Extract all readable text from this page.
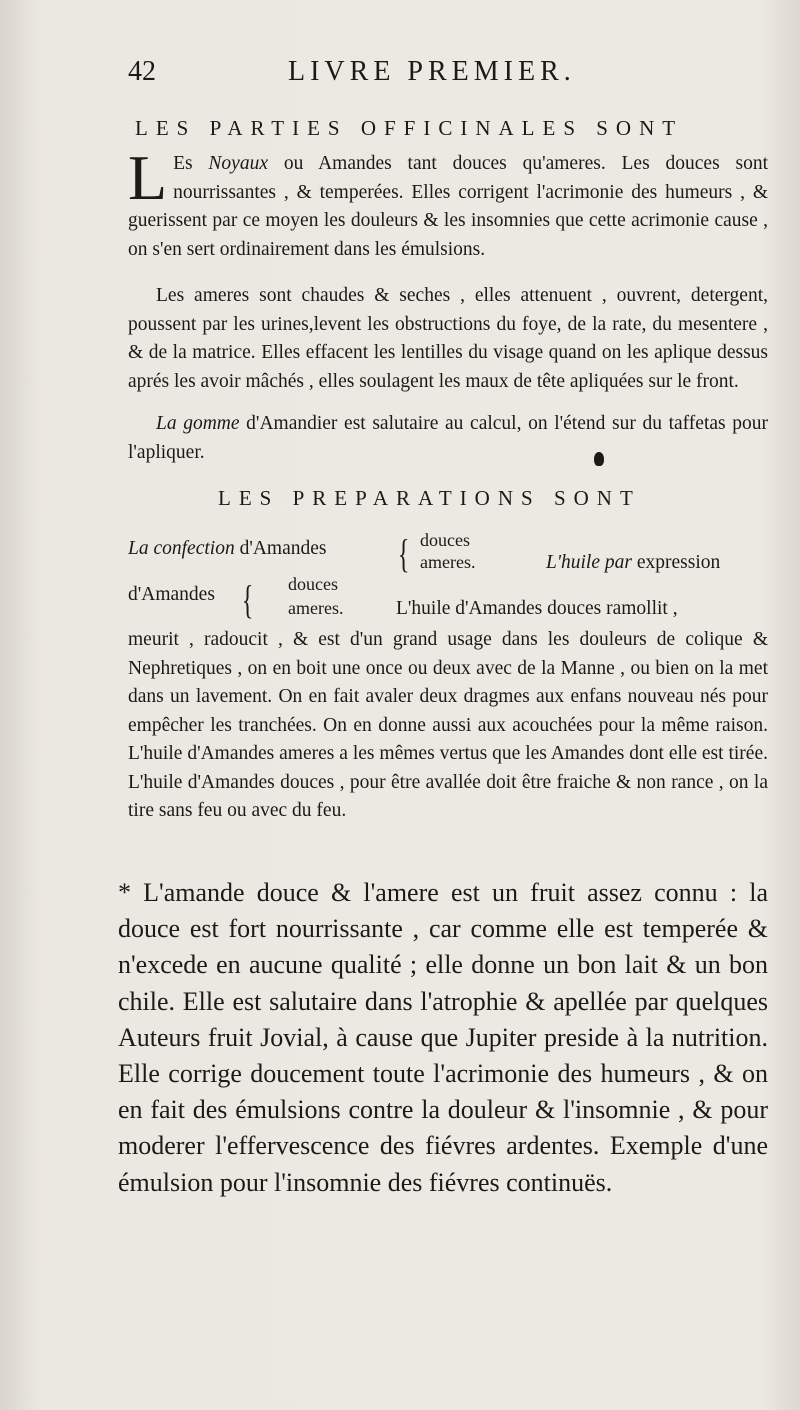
42	LIVRE PREMIER.
LES PARTIES OFFICINALES SONT

L Es Noyaux ou Amandes tant douces qu'ameres. Les douces sont nourrissantes , & temperées. Elles corrigent l'acrimonie des humeurs , & guerissent par ce moyen les douleurs & les insomnies que cette acrimonie cause , on s'en sert ordinairement dans les émulsions.

Les ameres sont chaudes & seches , elles attenuent , ouvrent, detergent, poussent par les urines,levent les obstructions du foye, de la rate, du mesentere , & de la matrice. Elles effacent les lentilles du visage quand on les aplique dessus aprés les avoir mâchés , elles soulagent les maux de tête apliquées sur le front.

La gomme d'Amandier est salutaire au calcul, on l'étend sur du taffetas pour l'apliquer.

LES PREPARATIONS SONT
La confection d'Amandes { douces
ameres.	L'huile par expression
d'Amandes { douces
ameres.	L'huile d'Amandes douces ramollit ,

meurit , radoucit , & est d'un grand usage dans les douleurs de colique & Nephretiques , on en boit une once ou deux avec de la Manne , ou bien on la met dans un lavement. On en fait avaler deux dragmes aux enfans nouveau nés pour empêcher les tranchées. On en donne aussi aux acouchées pour la même raison. L'huile d'Amandes ameres a les mêmes vertus que les Amandes dont elle est tirée. L'huile d'Amandes douces , pour être avallée doit être fraiche & non rance , on la tire sans feu ou avec du feu.

* L'amande douce & l'amere est un fruit assez connu : la douce est fort nourrissante , car comme elle est temperée & n'excede en aucune qualité ; elle donne un bon lait & un bon chile. Elle est salutaire dans l'atrophie & apellée par quelques Auteurs fruit Jovial, à cause que Jupiter preside à la nutrition. Elle corrige doucement toute l'acrimonie des humeurs , & on en fait des émulsions contre la douleur & l'insomnie , & pour moderer l'effervescence des fiévres ardentes. Exemple d'une émulsion pour l'insomnie des fiévres continuës.
